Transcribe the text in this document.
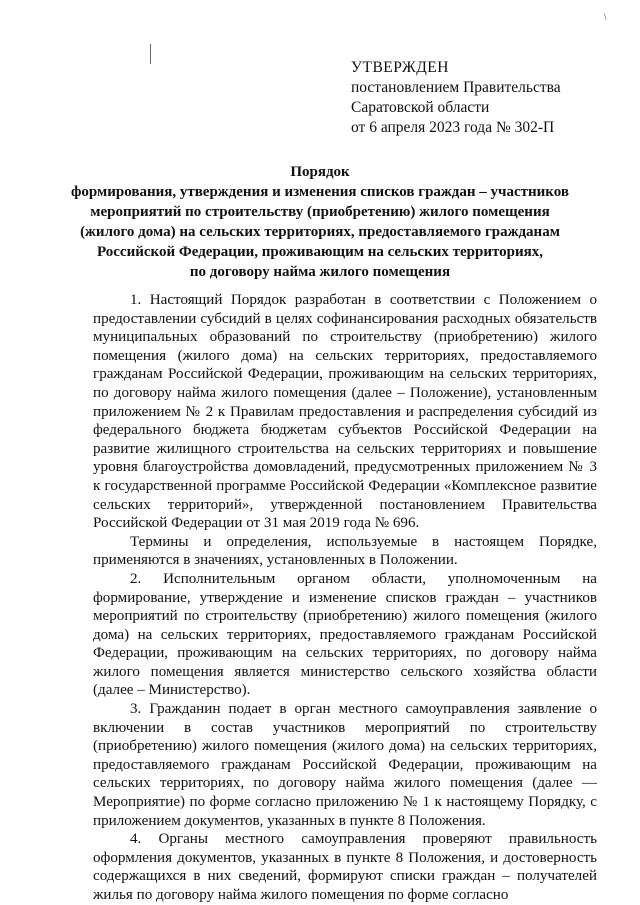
\
УТВЕРЖДЕН
постановлением Правительства
Саратовской области
от 6 апреля 2023 года № 302-П
Порядок
формирования, утверждения и изменения списков граждан – участников
мероприятий по строительству (приобретению) жилого помещения
(жилого дома) на сельских территориях, предоставляемого гражданам
Российской Федерации, проживающим на сельских территориях,
по договору найма жилого помещения

1. Настоящий Порядок разработан в соответствии с Положением о предоставлении субсидий в целях софинансирования расходных обязательств муниципальных образований по строительству (приобретению) жилого помещения (жилого дома) на сельских территориях, предоставляемого гражданам Российской Федерации, проживающим на сельских территориях, по договору найма жилого помещения (далее – Положение), установленным приложением № 2 к Правилам предоставления и распределения субсидий из федерального бюджета бюджетам субъектов Российской Федерации на развитие жилищного строительства на сельских территориях и повышение уровня благоустройства домовладений, предусмотренных приложением № 3 к государственной программе Российской Федерации «Комплексное развитие сельских территорий», утвержденной постановлением Правительства Российской Федерации от 31 мая 2019 года № 696.

Термины и определения, используемые в настоящем Порядке, применяются в значениях, установленных в Положении.

2. Исполнительным органом области, уполномоченным на формирование, утверждение и изменение списков граждан – участников мероприятий по строительству (приобретению) жилого помещения (жилого дома) на сельских территориях, предоставляемого гражданам Российской Федерации, проживающим на сельских территориях, по договору найма жилого помещения является министерство сельского хозяйства области (далее – Министерство).

3. Гражданин подает в орган местного самоуправления заявление о включении в состав участников мероприятий по строительству (приобретению) жилого помещения (жилого дома) на сельских территориях, предоставляемого гражданам Российской Федерации, проживающим на сельских территориях, по договору найма жилого помещения (далее — Мероприятие) по форме согласно приложению № 1 к настоящему Порядку, с приложением документов, указанных в пункте 8 Положения.

4. Органы местного самоуправления проверяют правильность оформления документов, указанных в пункте 8 Положения, и достоверность содержащихся в них сведений, формируют списки граждан – получателей жилья по договору найма жилого помещения по форме согласно
